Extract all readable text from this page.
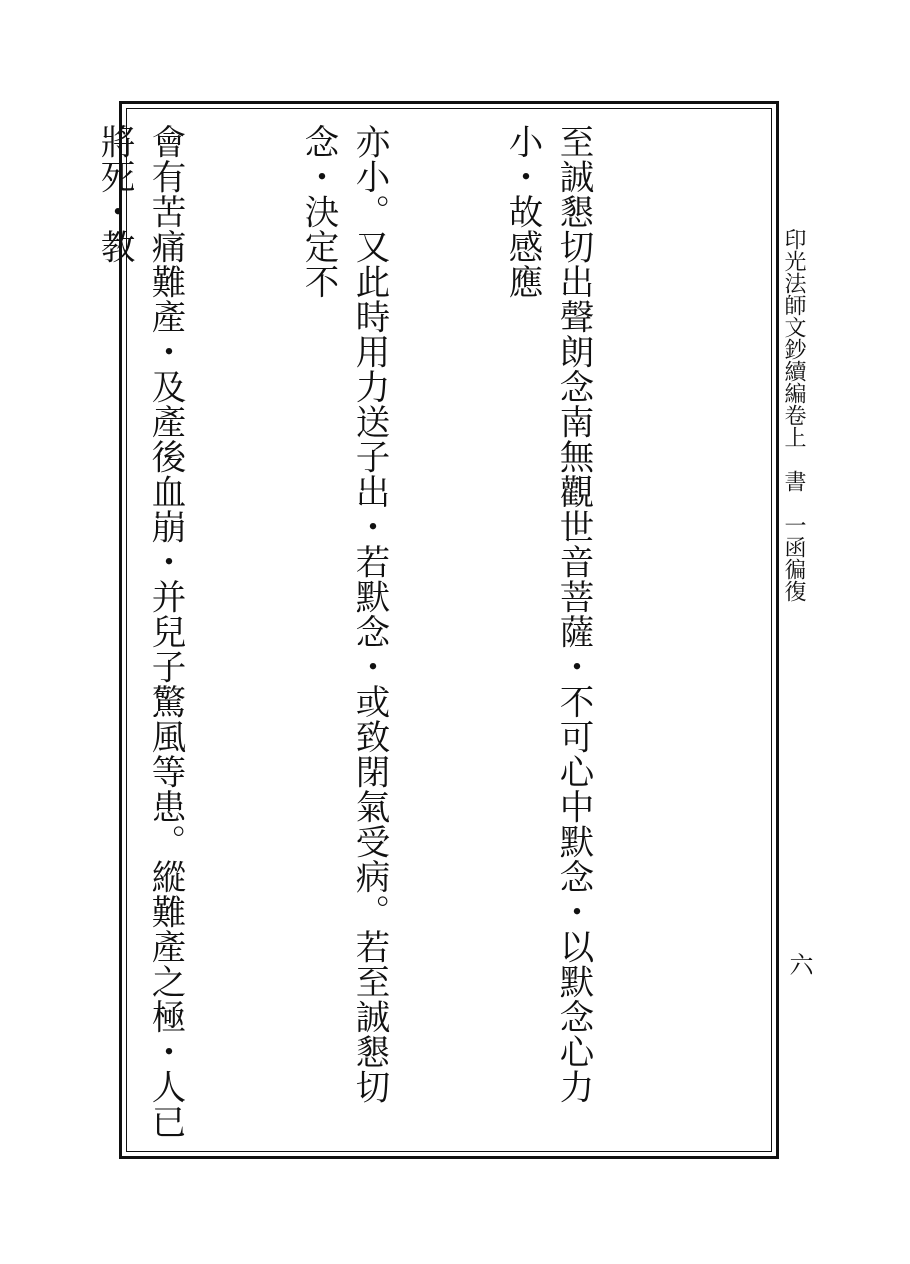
至誠懇切出聲朗念南無觀世音菩薩・不可心中默念・以默念心力小・故感應

亦小。又此時用力送子出・若默念・或致閉氣受病。若至誠懇切念・決定不

會有苦痛難產・及產後血崩・并兒子驚風等患。縱難產之極・人已將死・教

印光法師文鈔續編卷上　書　一函徧復
六
